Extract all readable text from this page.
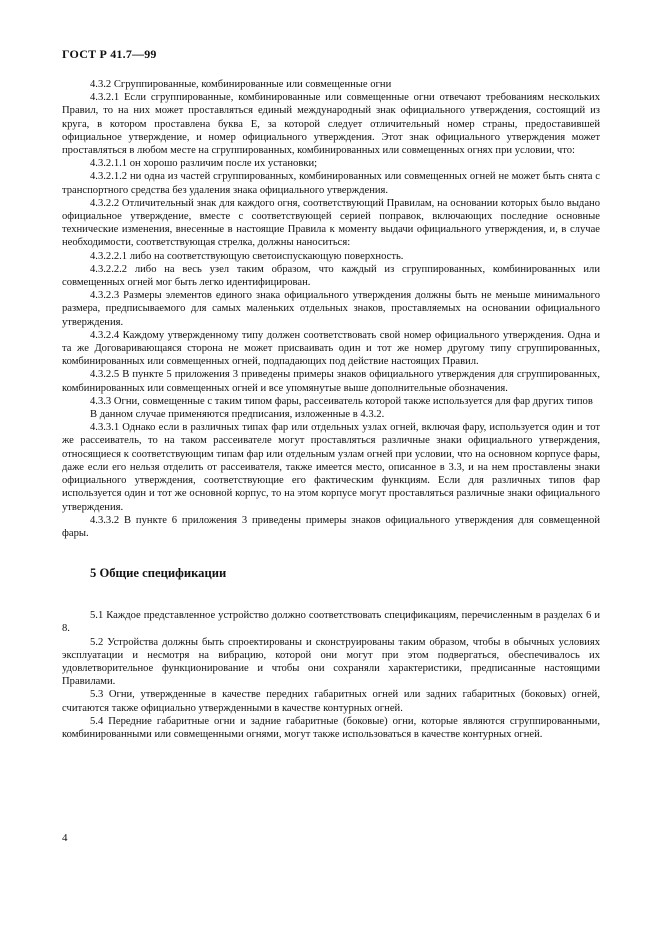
ГОСТ Р 41.7—99

4.3.2 Сгруппированные, комбинированные или совмещенные огни

4.3.2.1 Если сгруппированные, комбинированные или совмещенные огни отвечают требованиям нескольких Правил, то на них может проставляться единый международный знак официального утверждения, состоящий из круга, в котором проставлена буква Е, за которой следует отличительный номер страны, предоставившей официальное утверждение, и номер официального утверждения. Этот знак официального утверждения может проставляться в любом месте на сгруппированных, комбинированных или совмещенных огнях при условии, что:

4.3.2.1.1 он хорошо различим после их установки;

4.3.2.1.2 ни одна из частей сгруппированных, комбинированных или совмещенных огней не может быть снята с транспортного средства без удаления знака официального утверждения.

4.3.2.2 Отличительный знак для каждого огня, соответствующий Правилам, на основании которых было выдано официальное утверждение, вместе с соответствующей серией поправок, включающих последние основные технические изменения, внесенные в настоящие Правила к моменту выдачи официального утверждения, и, в случае необходимости, соответствующая стрелка, должны наноситься:

4.3.2.2.1 либо на соответствующую светоиспускающую поверхность.

4.3.2.2.2 либо на весь узел таким образом, что каждый из сгруппированных, комбинированных или совмещенных огней мог быть легко идентифицирован.

4.3.2.3 Размеры элементов единого знака официального утверждения должны быть не меньше минимального размера, предписываемого для самых маленьких отдельных знаков, проставляемых на основании официального утверждения.

4.3.2.4 Каждому утвержденному типу должен соответствовать свой номер официального утверждения. Одна и та же Договаривающаяся сторона не может присваивать один и тот же номер другому типу сгруппированных, комбинированных или совмещенных огней, подпадающих под действие настоящих Правил.

4.3.2.5 В пункте 5 приложения 3 приведены примеры знаков официального утверждения для сгруппированных, комбинированных или совмещенных огней и все упомянутые выше дополнительные обозначения.

4.3.3 Огни, совмещенные с таким типом фары, рассеиватель которой также используется для фар других типов

В данном случае применяются предписания, изложенные в 4.3.2.

4.3.3.1 Однако если в различных типах фар или отдельных узлах огней, включая фару, используется один и тот же рассеиватель, то на таком рассеивателе могут проставляться различные знаки официального утверждения, относящиеся к соответствующим типам фар или отдельным узлам огней при условии, что на основном корпусе фары, даже если его нельзя отделить от рассеивателя, также имеется место, описанное в 3.3, и на нем проставлены знаки официального утверждения, соответствующие его фактическим функциям. Если для различных типов фар используется один и тот же основной корпус, то на этом корпусе могут проставляться различные знаки официального утверждения.

4.3.3.2 В пункте 6 приложения 3 приведены примеры знаков официального утверждения для совмещенной фары.

5 Общие спецификации

5.1 Каждое представленное устройство должно соответствовать спецификациям, перечисленным в разделах 6 и 8.

5.2 Устройства должны быть спроектированы и сконструированы таким образом, чтобы в обычных условиях эксплуатации и несмотря на вибрацию, которой они могут при этом подвергаться, обеспечивалось их удовлетворительное функционирование и чтобы они сохраняли характеристики, предписанные настоящими Правилами.

5.3 Огни, утвержденные в качестве передних габаритных огней или задних габаритных (боковых) огней, считаются также официально утвержденными в качестве контурных огней.

5.4 Передние габаритные огни и задние габаритные (боковые) огни, которые являются сгруппированными, комбинированными или совмещенными огнями, могут также использоваться в качестве контурных огней.

4
